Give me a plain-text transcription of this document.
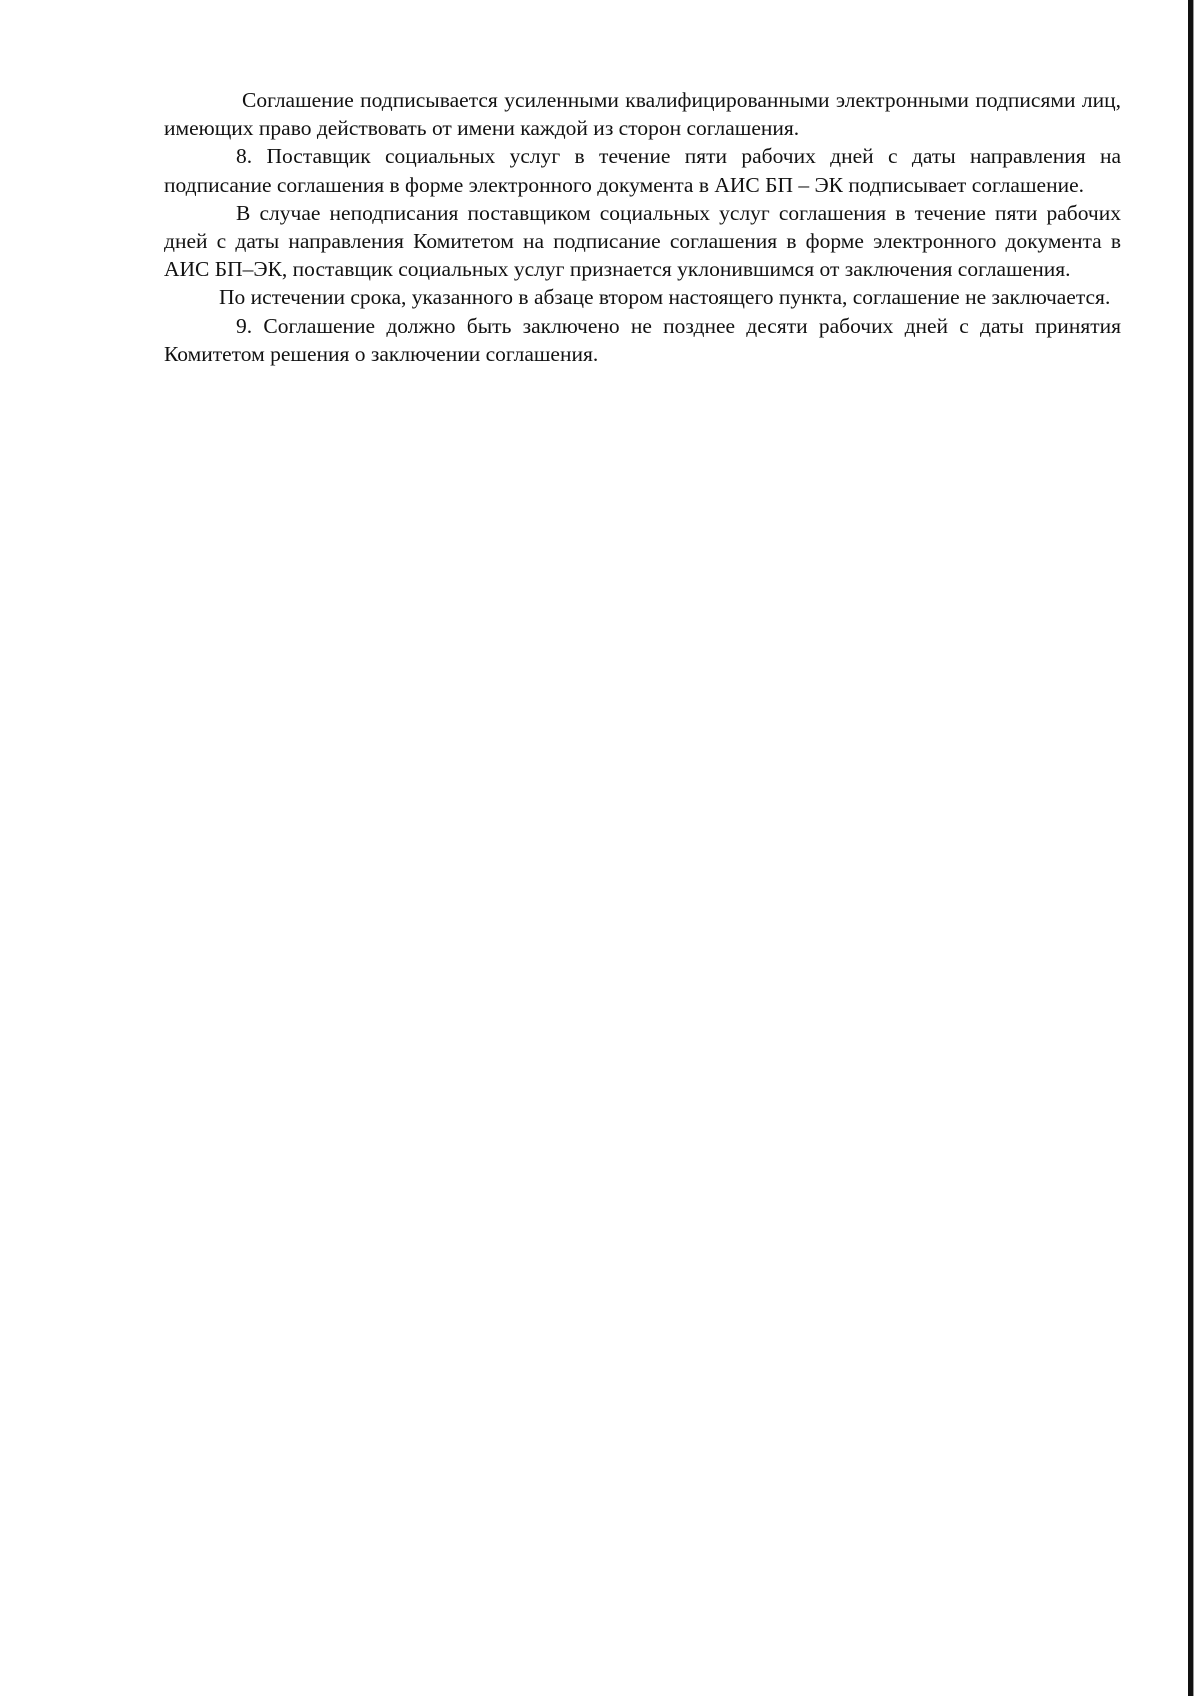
Соглашение подписывается усиленными квалифицированными электронными подписями лиц, имеющих право действовать от имени каждой из сторон соглашения.

8. Поставщик социальных услуг в течение пяти рабочих дней с даты направления на подписание соглашения в форме электронного документа в АИС БП – ЭК подписывает соглашение.

В случае неподписания поставщиком социальных услуг соглашения в течение пяти рабочих дней с даты направления Комитетом на подписание соглашения в форме электронного документа в АИС БП–ЭК, поставщик социальных услуг признается уклонившимся от заключения соглашения.

По истечении срока, указанного в абзаце втором настоящего пункта, соглашение не заключается.

9. Соглашение должно быть заключено не позднее десяти рабочих дней с даты принятия Комитетом решения о заключении соглашения.
